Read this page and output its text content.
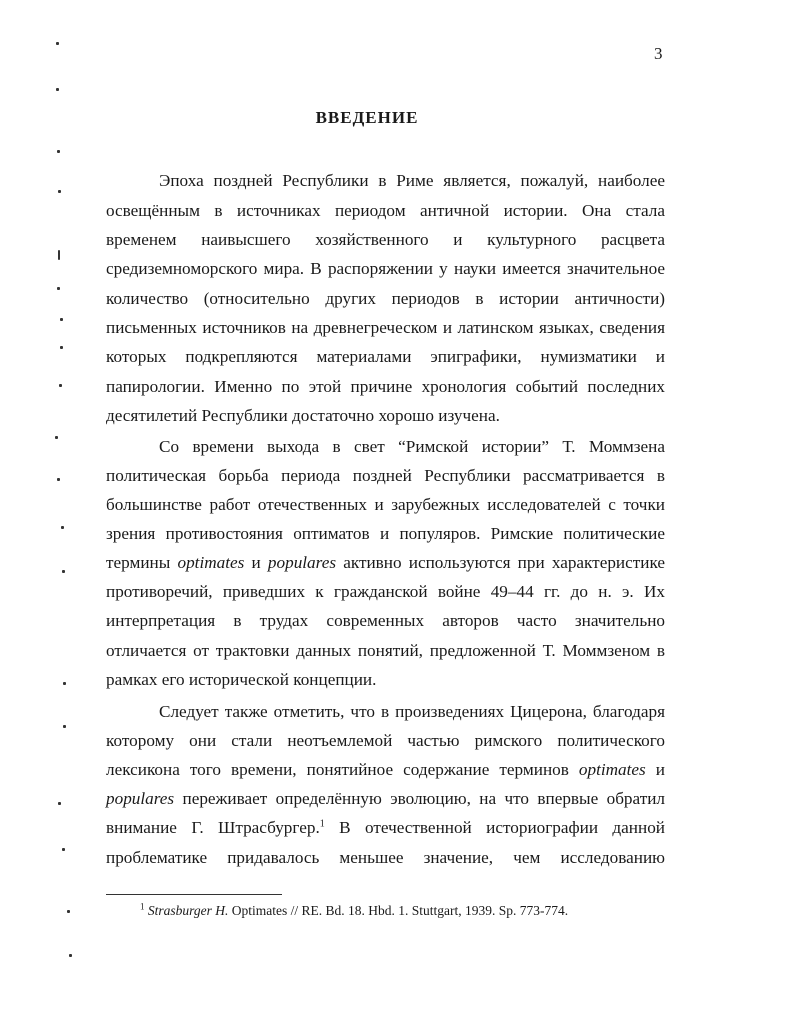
3
ВВЕДЕНИЕ
Эпоха поздней Республики в Риме является, пожалуй, наиболее
освещённым в источниках периодом античной истории. Она стала
временем наивысшего хозяйственного и культурного расцвета
средиземноморского мира. В распоряжении у науки имеется значительное
количество (относительно других периодов в истории античности)
письменных источников на древнегреческом и латинском языках, сведения
которых подкрепляются материалами эпиграфики, нумизматики и
папирологии. Именно по этой причине хронология событий последних
десятилетий Республики достаточно хорошо изучена.
Со времени выхода в свет “Римской истории” Т. Моммзена
политическая борьба периода поздней Республики рассматривается в
большинстве работ отечественных и зарубежных исследователей с точки
зрения противостояния оптиматов и популяров. Римские политические
термины optimates и populares активно используются при характеристике
противоречий, приведших к гражданской войне 49–44 гг. до н. э. Их
интерпретация в трудах современных авторов часто значительно
отличается от трактовки данных понятий, предложенной Т. Моммзеном в
рамках его исторической концепции.
Следует также отметить, что в произведениях Цицерона, благодаря
которому они стали неотъемлемой частью римского политического
лексикона того времени, понятийное содержание терминов optimates и
populares переживает определённую эволюцию, на что впервые обратил
внимание Г. Штрасбургер.$^1$ В отечественной историографии данной
проблематике придавалось меньшее значение, чем исследованию
$^1$ Strasburger H. Optimates // RE. Bd. 18. Hbd. 1. Stuttgart, 1939. Sp. 773-774.
